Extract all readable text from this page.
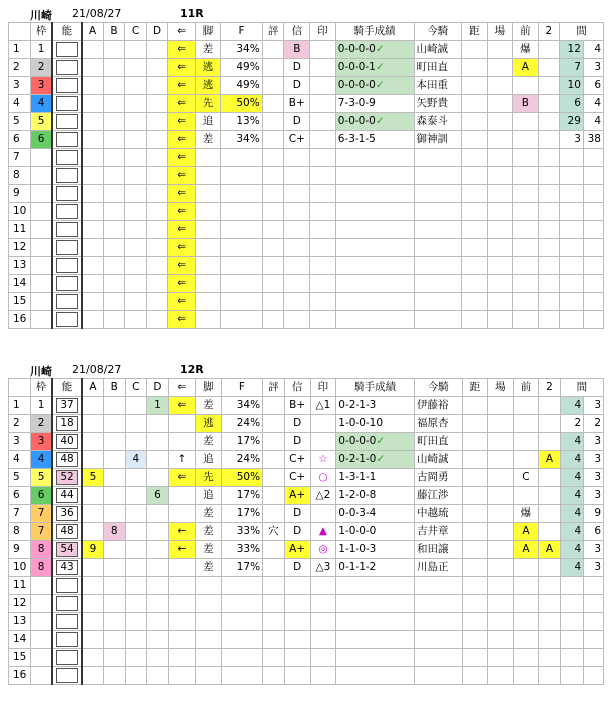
川崎 21/08/27	11R
	枠	能	A	B	C	D	⇐	脚	F	評	信	印	騎手成績	今騎	距	場	前	2	間	
1	1						⇐	差	34%		B		0-0-0-0✓	山崎誠			爆		12	4
2	2						⇐	逃	49%		D		0-0-0-1✓	町田直			A		7	3
3	3						⇐	逃	49%		D		0-0-0-0✓	本田重					10	6
4	4						⇐	先	50%		B+		7-3-0-9	矢野貴			B		6	4
5	5						⇐	追	13%		D		0-0-0-0✓	森泰斗					29	4
6	6						⇐	差	34%		C+		6-3-1-5	御神訓					3	38
7							⇐													
8							⇐													
9							⇐													
10							⇐													
11							⇐													
12							⇐													
13							⇐													
14							⇐													
15							⇐													
16							⇐													
川崎 21/08/27	12R
	枠	能	A	B	C	D	⇐	脚	F	評	信	印	騎手成績	今騎	距	場	前	2	間	
1	1	37				1	⇐	差	34%		B+	△1	0-2-1-3	伊藤裕					4	3
2	2	18						逃	24%		D		1-0-0-10	福原杏					2	2
3	3	40						差	17%		D		0-0-0-0✓	町田直					4	3
4	4	48			4		↑	追	24%		C+	☆	0-2-1-0✓	山崎誠				A	4	3
5	5	52	5				⇐	先	50%		C+	○	1-3-1-1	古岡勇			C		4	3
6	6	44				6		追	17%		A+	△2	1-2-0-8	藤江渉					4	3
7	7	36						差	17%		D		0-0-3-4	中越琉			爆		4	9
8	7	48		8			←	差	33%	穴	D	▲	1-0-0-0	吉井章			A		4	6
9	8	54	9				←	差	33%		A+	◎	1-1-0-3	和田譲			A	A	4	3
10	8	43						差	17%		D	△3	0-1-1-2	川島正					4	3
11		

12		

13		

14		

15		

16		
